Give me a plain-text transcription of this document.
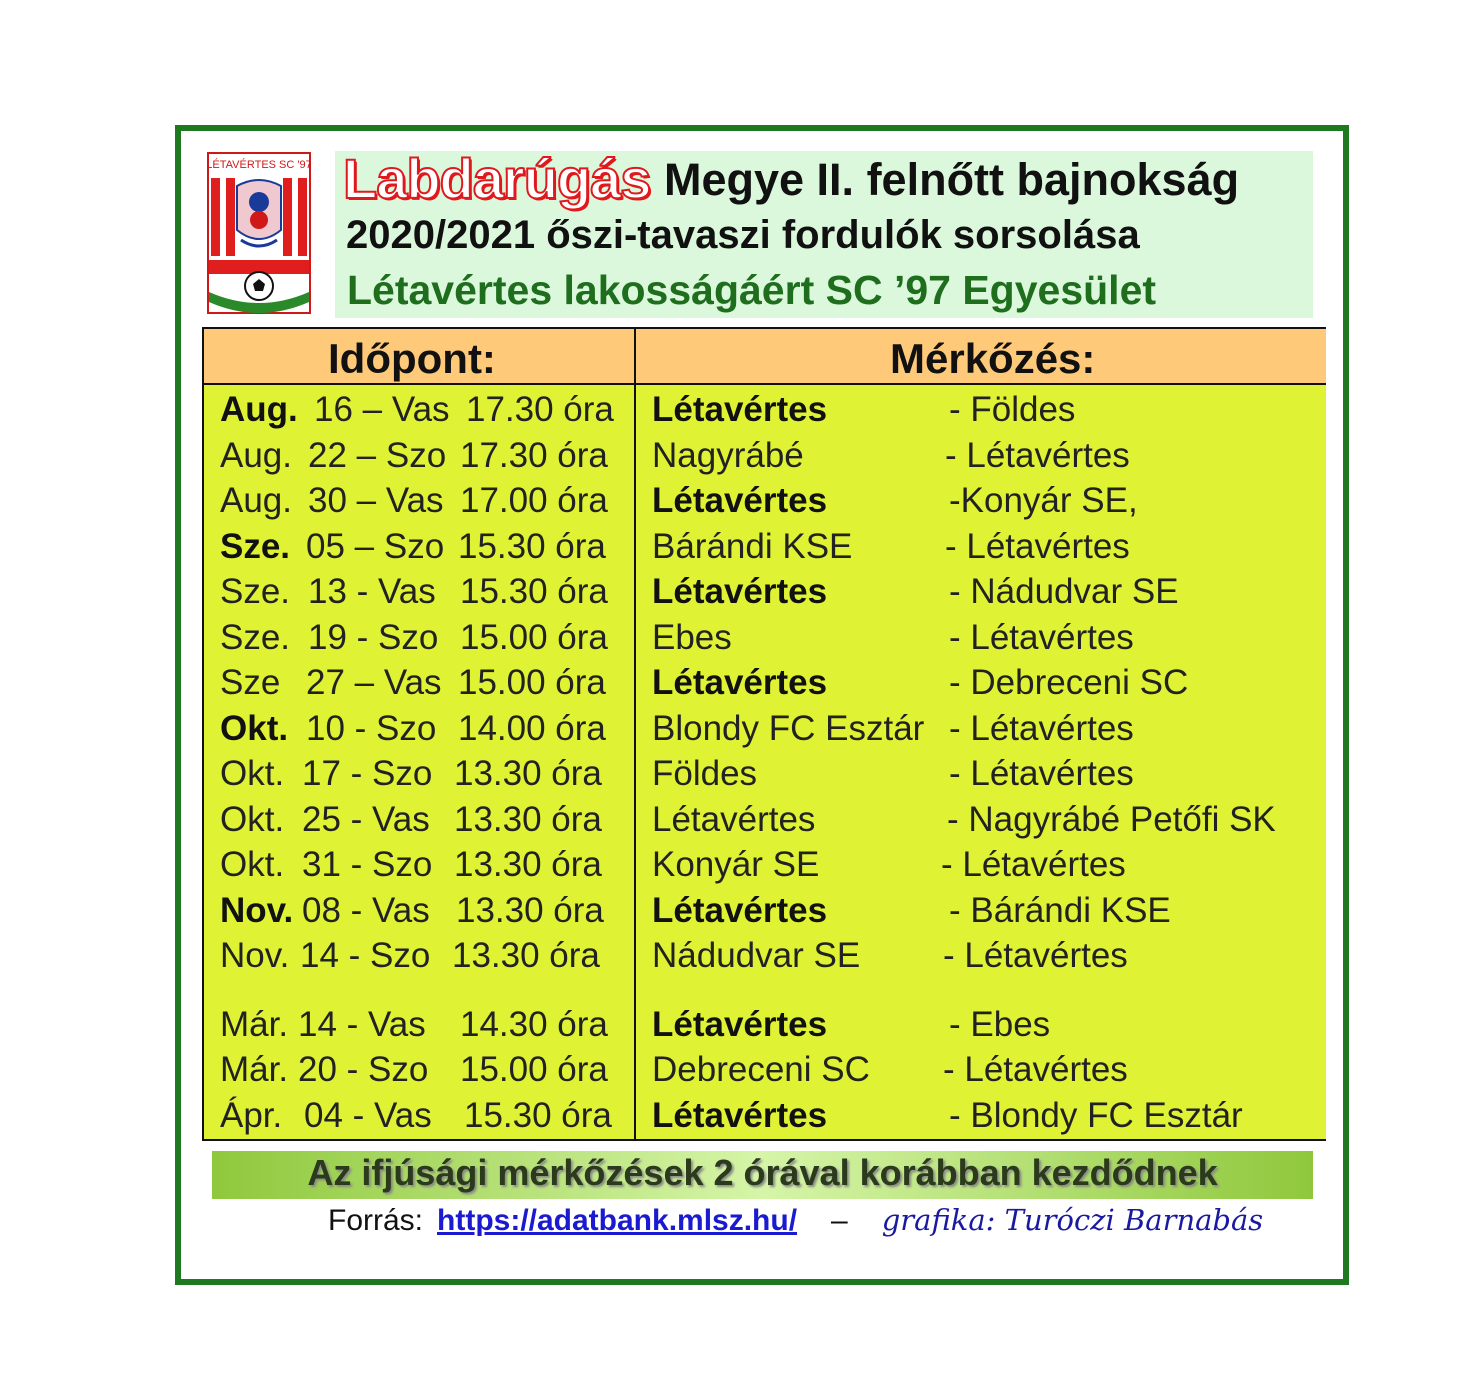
LÉTAVÉRTES SC '97 Labdarúgás Megye II. felnőtt bajnokság
2020/2021 őszi-tavaszi fordulók sorsolása
Létavértes lakosságáért SC ’97 Egyesület
Időpont:	Mérkőzés:
Aug. 16 – Vas 17.30 óra Létavértes	- Földes
Aug. 22 – Szo 17.30 óra Nagyrábé	- Létavértes
Aug. 30 – Vas 17.00 óra Létavértes	-Konyár SE,
Sze. 05 – Szo 15.30 óra Bárándi KSE	- Létavértes
Sze. 13 - Vas 15.30 óra Létavértes	- Nádudvar SE
Sze. 19 - Szo 15.00 óra Ebes	- Létavértes
Sze 27 – Vas 15.00 óra Létavértes	- Debreceni SC
Okt. 10 - Szo 14.00 óra Blondy FC Esztár - Létavértes
Okt. 17 - Szo 13.30 óra Földes	- Létavértes
Okt. 25 - Vas 13.30 óra Létavértes	- Nagyrábé Petőfi SK
Okt. 31 - Szo 13.30 óra Konyár SE	- Létavértes
Nov. 08 - Vas 13.30 óra Létavértes	- Bárándi KSE
Nov. 14 - Szo 13.30 óra Nádudvar SE - Létavértes
Már. 14 - Vas 14.30 óra Létavértes	- Ebes
Már. 20 - Szo 15.00 óra Debreceni SC - Létavértes
Ápr. 04 - Vas 15.30 óra Létavértes	- Blondy FC Esztár
Az ifjúsági mérkőzések 2 órával korábban kezdődnek
Forrás: https://adatbank.mlsz.hu/ – grafika: Turóczi Barnabás
